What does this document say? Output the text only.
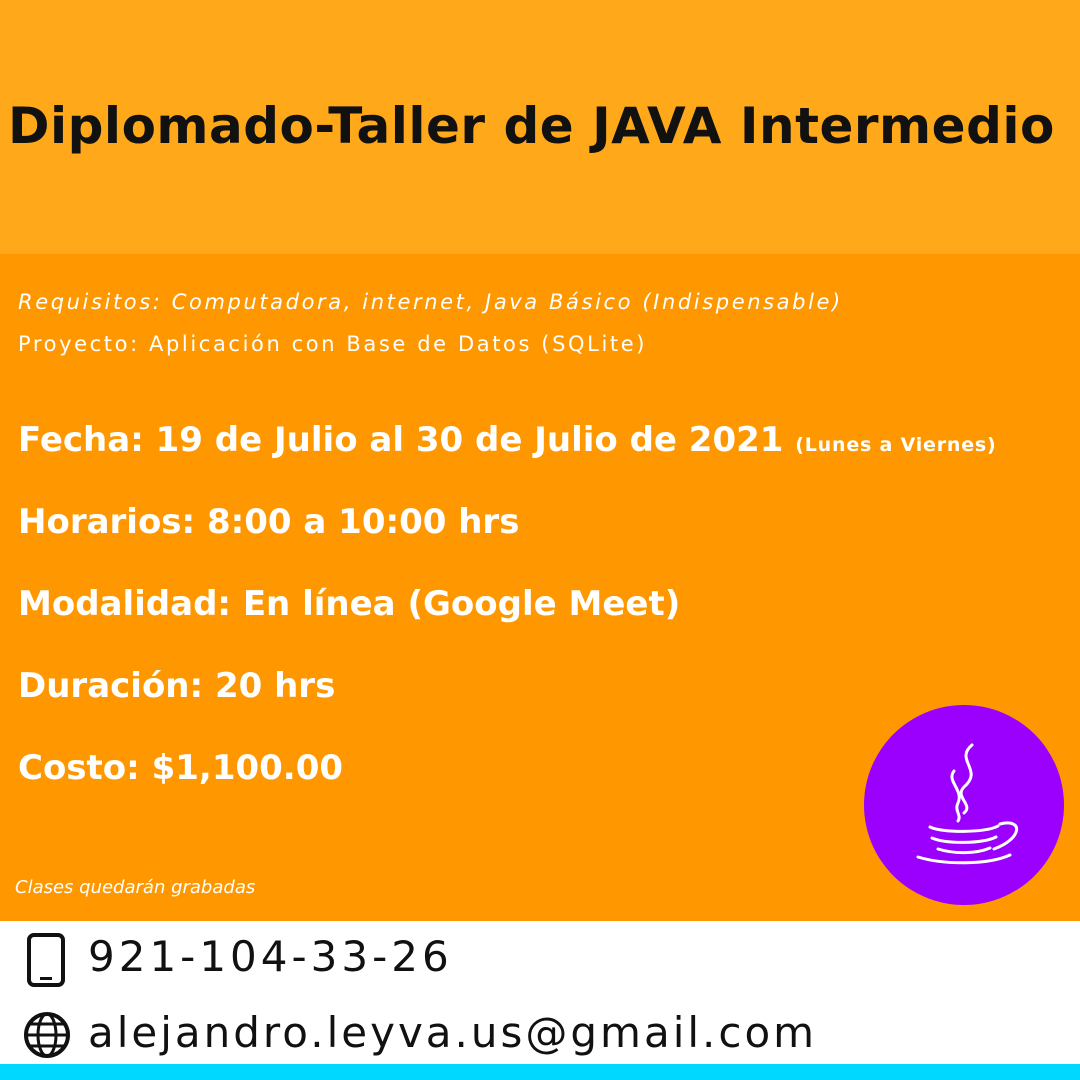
Diplomado-Taller de JAVA Intermedio
Requisitos: Computadora, internet, Java Básico (Indispensable)
Proyecto: Aplicación con Base de Datos (SQLite)
Fecha: 19 de Julio al 30 de Julio de 2021 (Lunes a Viernes)
Horarios: 8:00 a 10:00 hrs
Modalidad: En línea (Google Meet)
Duración: 20 hrs
Costo: $1,100.00
Clases quedarán grabadas
921-104-33-26
alejandro.leyva.us@gmail.com
